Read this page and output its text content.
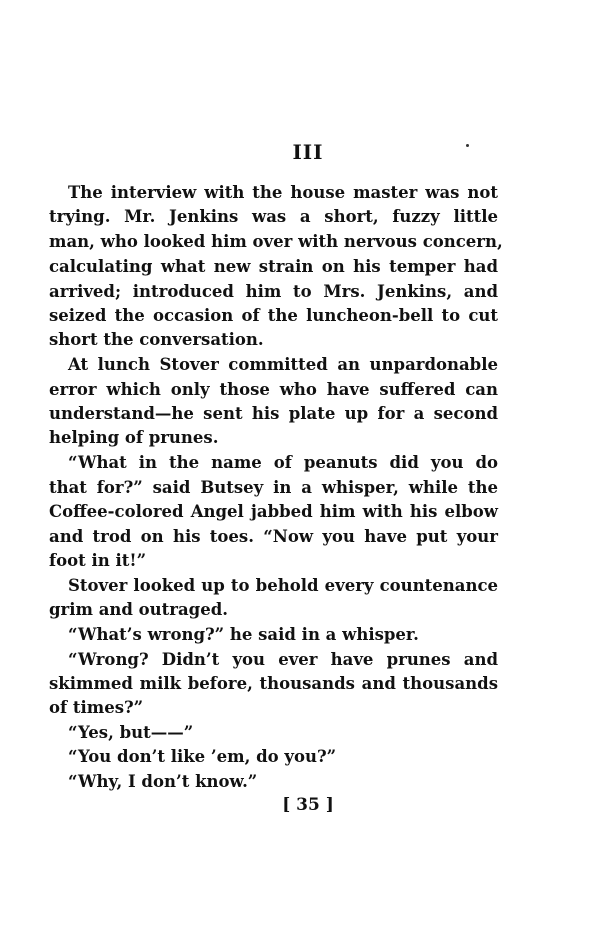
III
The interview with the house master was not
trying. Mr. Jenkins was a short, fuzzy little
man, who looked him over with nervous concern,
calculating what new strain on his temper had
arrived; introduced him to Mrs. Jenkins, and
seized the occasion of the luncheon-bell to cut
short the conversation.
At lunch Stover committed an unpardonable
error which only those who have suffered can
understand—he sent his plate up for a second
helping of prunes.
“What in the name of peanuts did you do
that for?” said Butsey in a whisper, while the
Coffee-colored Angel jabbed him with his elbow
and trod on his toes. “Now you have put your
foot in it!”
Stover looked up to behold every countenance
grim and outraged.
“What’s wrong?” he said in a whisper.
“Wrong? Didn’t you ever have prunes and
skimmed milk before, thousands and thousands
of times?”
“Yes, but——”
“You don’t like ’em, do you?”
“Why, I don’t know.”
[ 35 ]
